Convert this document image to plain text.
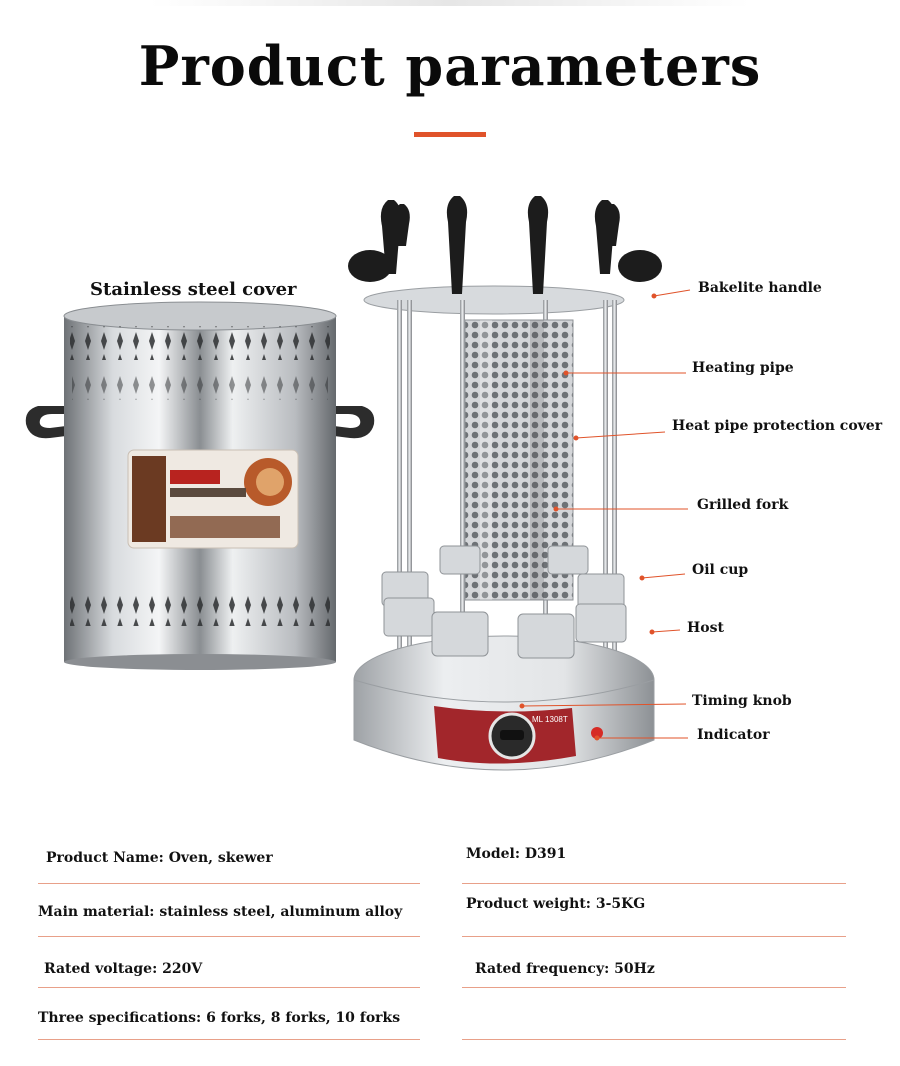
Product parameters
Stainless steel cover
ML 1308T
Bakelite handle
Heating pipe
Heat pipe protection cover
Grilled fork
Oil cup
Host
Timing knob
Indicator
Product Name: Oven, skewer	Model: D391
Main material: stainless steel, aluminum alloy	Product weight: 3-5KG
Rated voltage: 220V	Rated frequency: 50Hz
Three specifications: 6 forks, 8 forks, 10 forks
